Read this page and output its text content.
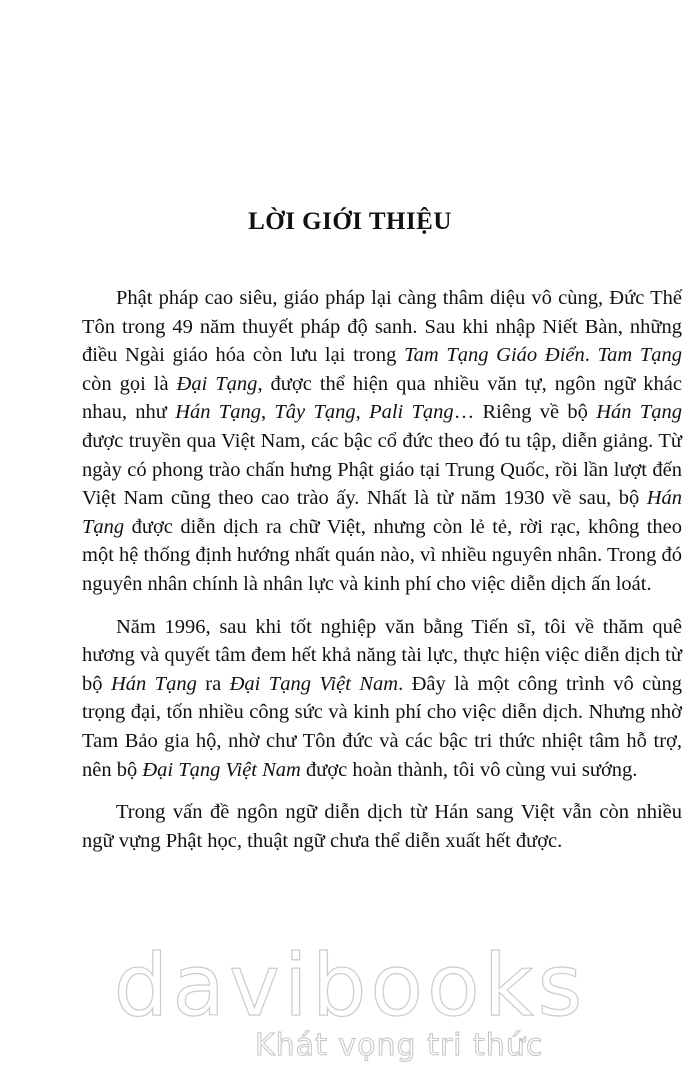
LỜI GIỚI THIỆU

Phật pháp cao siêu, giáo pháp lại càng thâm diệu vô cùng, Đức Thế Tôn trong 49 năm thuyết pháp độ sanh. Sau khi nhập Niết Bàn, những điều Ngài giáo hóa còn lưu lại trong Tam Tạng Giáo Điển. Tam Tạng còn gọi là Đại Tạng, được thể hiện qua nhiều văn tự, ngôn ngữ khác nhau, như Hán Tạng, Tây Tạng, Pali Tạng… Riêng về bộ Hán Tạng được truyền qua Việt Nam, các bậc cổ đức theo đó tu tập, diễn giảng. Từ ngày có phong trào chấn hưng Phật giáo tại Trung Quốc, rồi lần lượt đến Việt Nam cũng theo cao trào ấy. Nhất là từ năm 1930 về sau, bộ Hán Tạng được diễn dịch ra chữ Việt, nhưng còn lẻ tẻ, rời rạc, không theo một hệ thống định hướng nhất quán nào, vì nhiều nguyên nhân. Trong đó nguyên nhân chính là nhân lực và kinh phí cho việc diễn dịch ấn loát.

Năm 1996, sau khi tốt nghiệp văn bằng Tiến sĩ, tôi về thăm quê hương và quyết tâm đem hết khả năng tài lực, thực hiện việc diễn dịch từ bộ Hán Tạng ra Đại Tạng Việt Nam. Đây là một công trình vô cùng trọng đại, tốn nhiều công sức và kinh phí cho việc diễn dịch. Nhưng nhờ Tam Bảo gia hộ, nhờ chư Tôn đức và các bậc tri thức nhiệt tâm hỗ trợ, nên bộ Đại Tạng Việt Nam được hoàn thành, tôi vô cùng vui sướng.

Trong vấn đề ngôn ngữ diễn dịch từ Hán sang Việt vẫn còn nhiều ngữ vựng Phật học, thuật ngữ chưa thể diễn xuất hết được.

davibooks
Khát vọng tri thức
